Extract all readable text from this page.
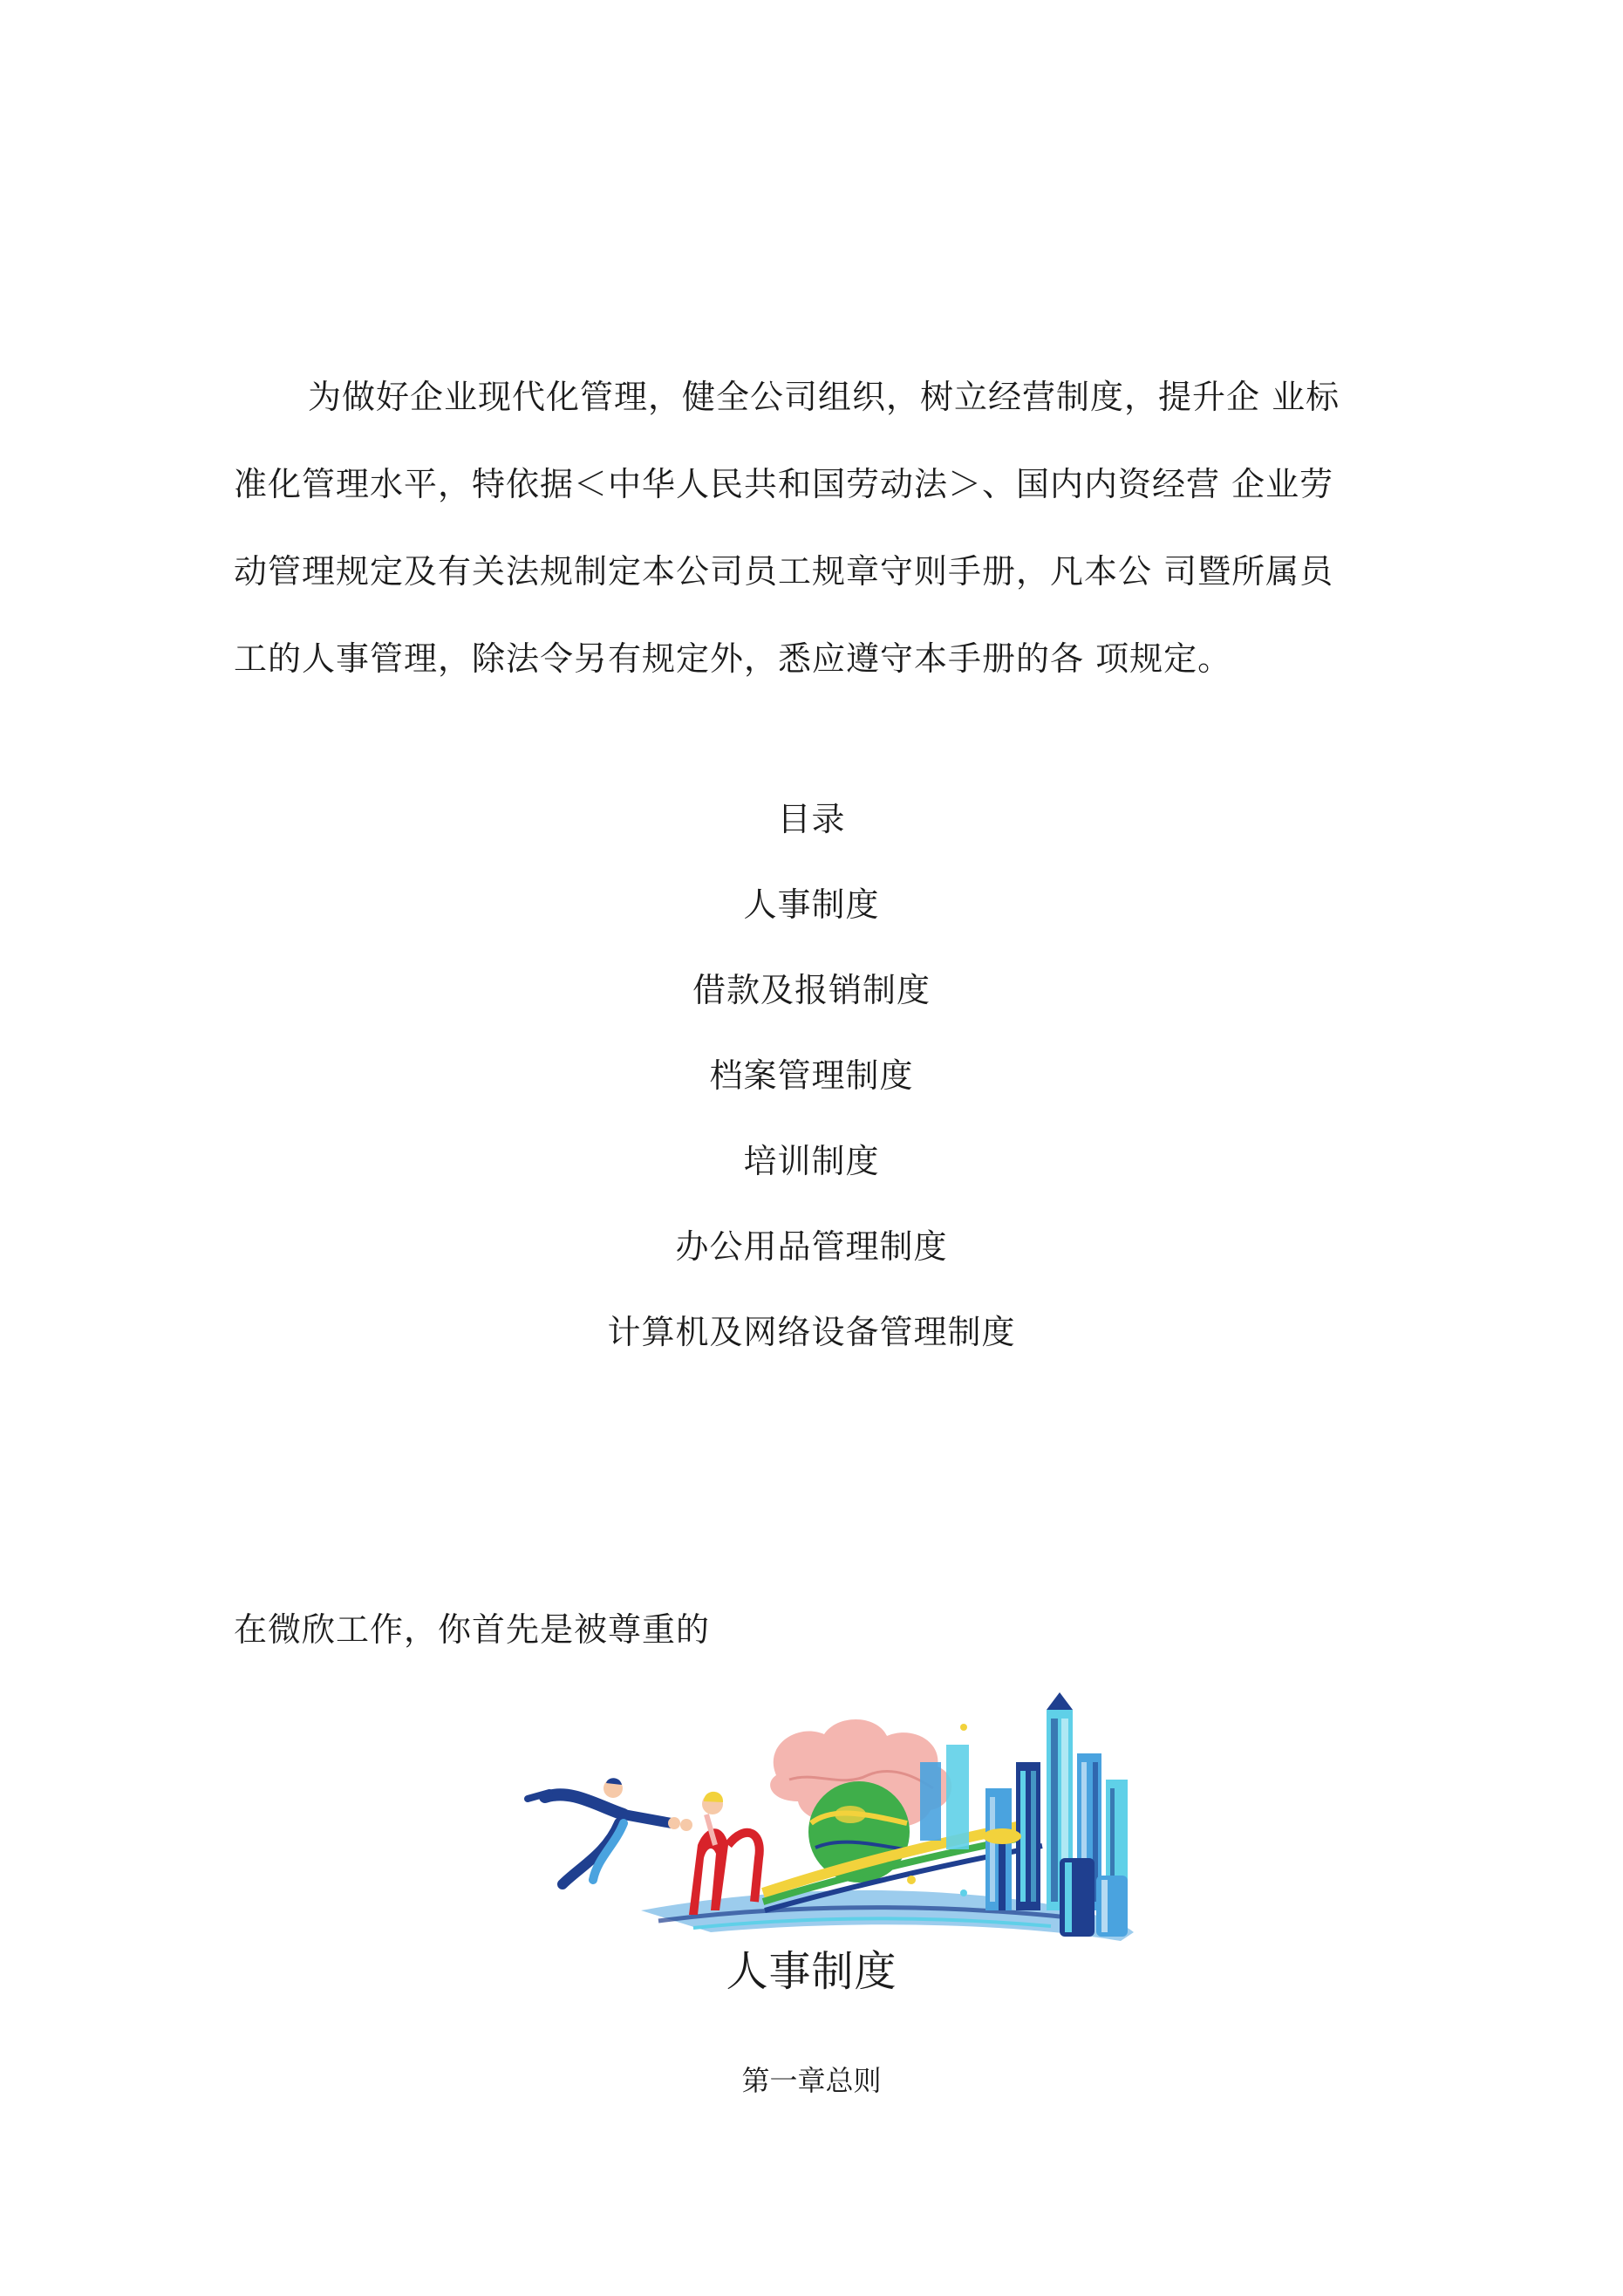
为做好企业现代化管理，健全公司组织，树立经营制度，提升企 业标
准化管理水平，特依据＜中华人民共和国劳动法＞、国内内资经营 企业劳
动管理规定及有关法规制定本公司员工规章守则手册，凡本公 司暨所属员
工的人事管理，除法令另有规定外，悉应遵守本手册的各 项规定。
目录
人事制度
借款及报销制度
档案管理制度
培训制度
办公用品管理制度
计算机及网络设备管理制度
在微欣工作，你首先是被尊重的
人事制度
第一章总则
